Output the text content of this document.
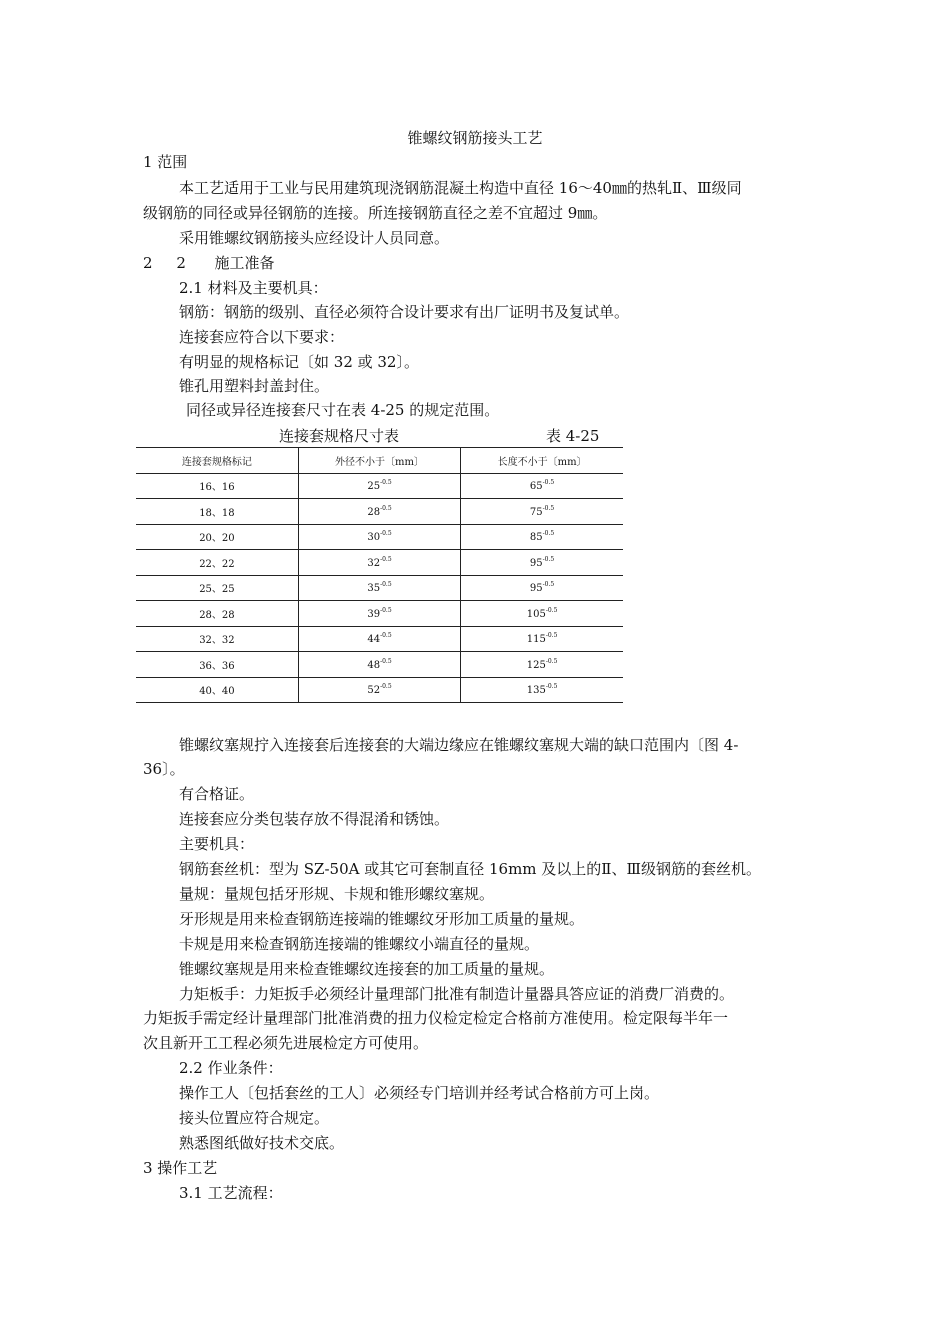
锥螺纹钢筋接头工艺
1 范围
本工艺适用于工业与民用建筑现浇钢筋混凝土构造中直径 16～40㎜的热轧Ⅱ、Ⅲ级同
级钢筋的同径或异径钢筋的连接。所连接钢筋直径之差不宜超过 9㎜。
采用锥螺纹钢筋接头应经设计人员同意。
2     2      施工准备
2.1 材料及主要机具：
钢筋：钢筋的级别、直径必须符合设计要求有出厂证明书及复试单。
连接套应符合以下要求：
有明显的规格标记〔如 32 或 32〕。
锥孔用塑料封盖封住。
同径或异径连接套尺寸在表 4-25 的规定范围。
连接套规格尺寸表	表 4-25
连接套规格标记	外径不小于〔mm〕	长度不小于〔mm〕
16、16	$25^{-0.5}$	$65^{-0.5}$
18、18	$28^{-0.5}$	$75^{-0.5}$
20、20	$30^{-0.5}$	$85^{-0.5}$
22、22	$32^{-0.5}$	$95^{-0.5}$
25、25	$35^{-0.5}$	$95^{-0.5}$
28、28	$39^{-0.5}$	$105^{-0.5}$
32、32	$44^{-0.5}$	$115^{-0.5}$
36、36	$48^{-0.5}$	$125^{-0.5}$
40、40	$52^{-0.5}$	$135^{-0.5}$
锥螺纹塞规拧入连接套后连接套的大端边缘应在锥螺纹塞规大端的缺口范围内〔图 4-
36〕。
有合格证。
连接套应分类包装存放不得混淆和锈蚀。
主要机具：
钢筋套丝机：型为 SZ-50A 或其它可套制直径 16mm 及以上的Ⅱ、Ⅲ级钢筋的套丝机。
量规：量规包括牙形规、卡规和锥形螺纹塞规。
牙形规是用来检查钢筋连接端的锥螺纹牙形加工质量的量规。
卡规是用来检查钢筋连接端的锥螺纹小端直径的量规。
锥螺纹塞规是用来检查锥螺纹连接套的加工质量的量规。
力矩板手：力矩扳手必须经计量理部门批准有制造计量器具答应证的消费厂消费的。
力矩扳手需定经计量理部门批准消费的扭力仪检定检定合格前方准使用。检定限每半年一
次且新开工工程必须先进展检定方可使用。
2.2 作业条件：
操作工人〔包括套丝的工人〕必须经专门培训并经考试合格前方可上岗。
接头位置应符合规定。
熟悉图纸做好技术交底。
3 操作工艺
3.1 工艺流程：
